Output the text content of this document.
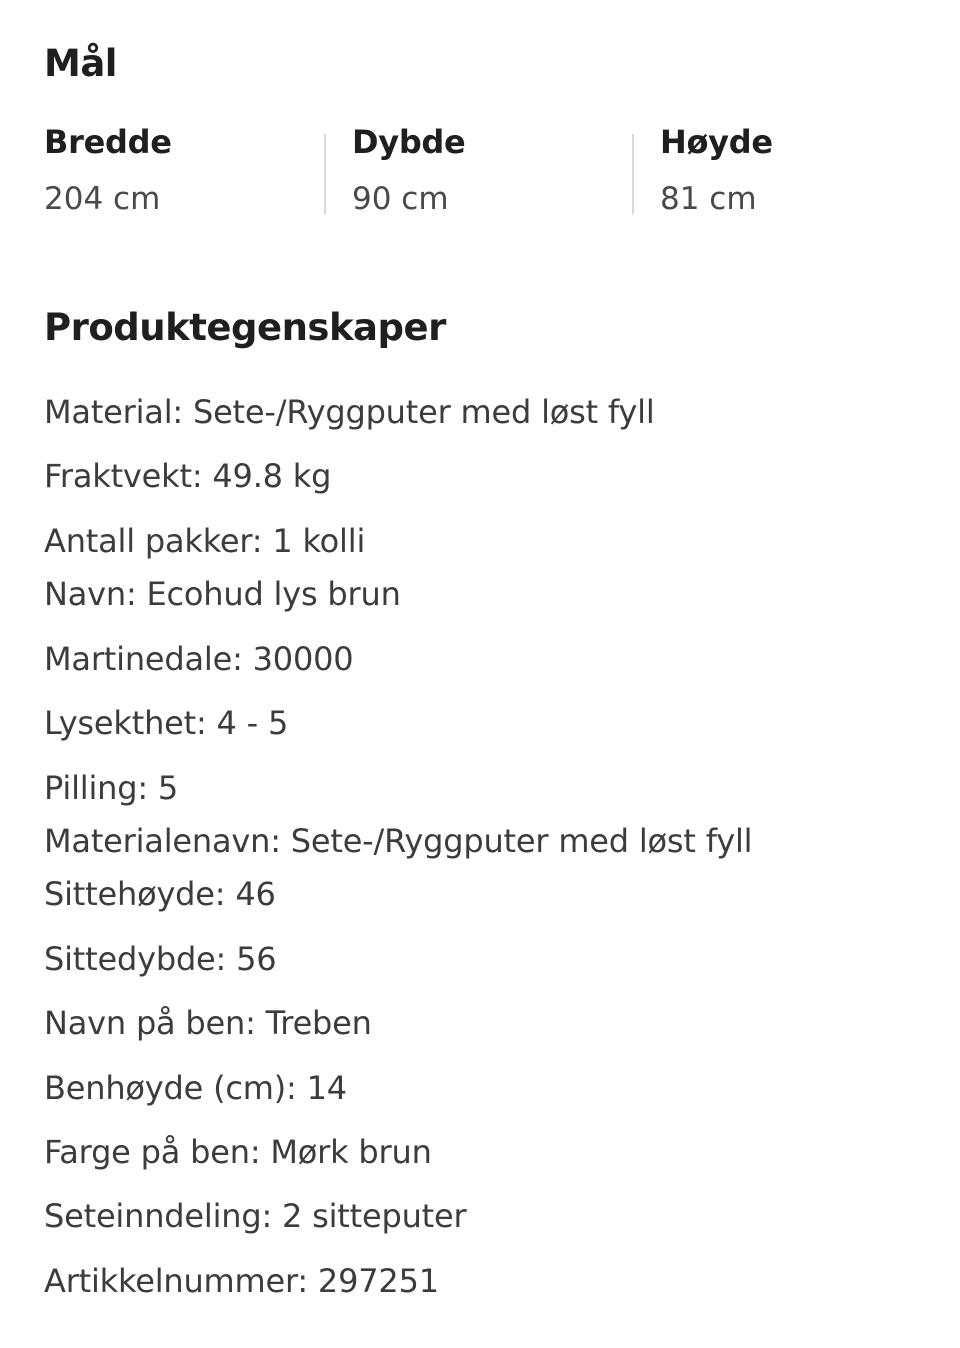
Mål
Bredde
204 cm
Dybde
90 cm
Høyde
81 cm
Produktegenskaper
Material: Sete-/Ryggputer med løst fyll
Fraktvekt: 49.8 kg
Antall pakker: 1 kolli
Navn: Ecohud lys brun
Martinedale: 30000
Lysekthet: 4 - 5
Pilling: 5
Materialenavn: Sete-/Ryggputer med løst fyll
Sittehøyde: 46
Sittedybde: 56
Navn på ben: Treben
Benhøyde (cm): 14
Farge på ben: Mørk brun
Seteinndeling: 2 sitteputer
Artikkelnummer: 297251
